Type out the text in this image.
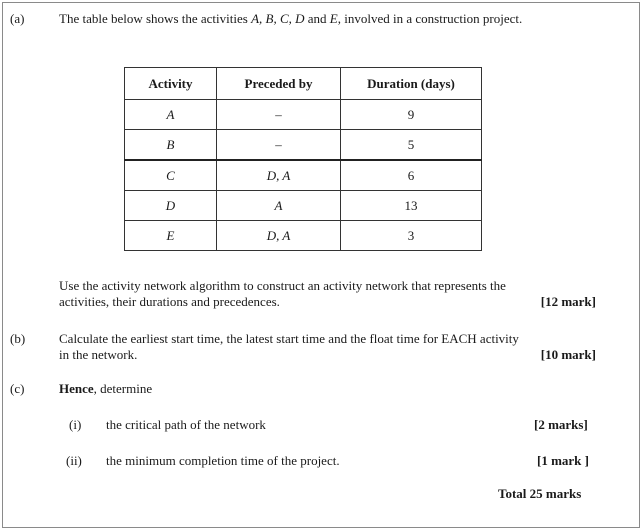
(a)	The table below shows the activities A, B, C, D and E, involved in a construction project.
Activity	Preceded by	Duration (days)
A	–	9
B	–	5
C	D, A	6
D	A	13
E	D, A	3
Use the activity network algorithm to construct an activity network that represents the
activities, their durations and precedences.	[12 mark]
(b)	Calculate the earliest start time, the latest start time and the float time for EACH activity
in the network.	[10 mark]
(c)	Hence, determine
(i) the critical path of the network	[2 marks]
(ii) the minimum completion time of the project.	[1 mark ]
Total 25 marks
